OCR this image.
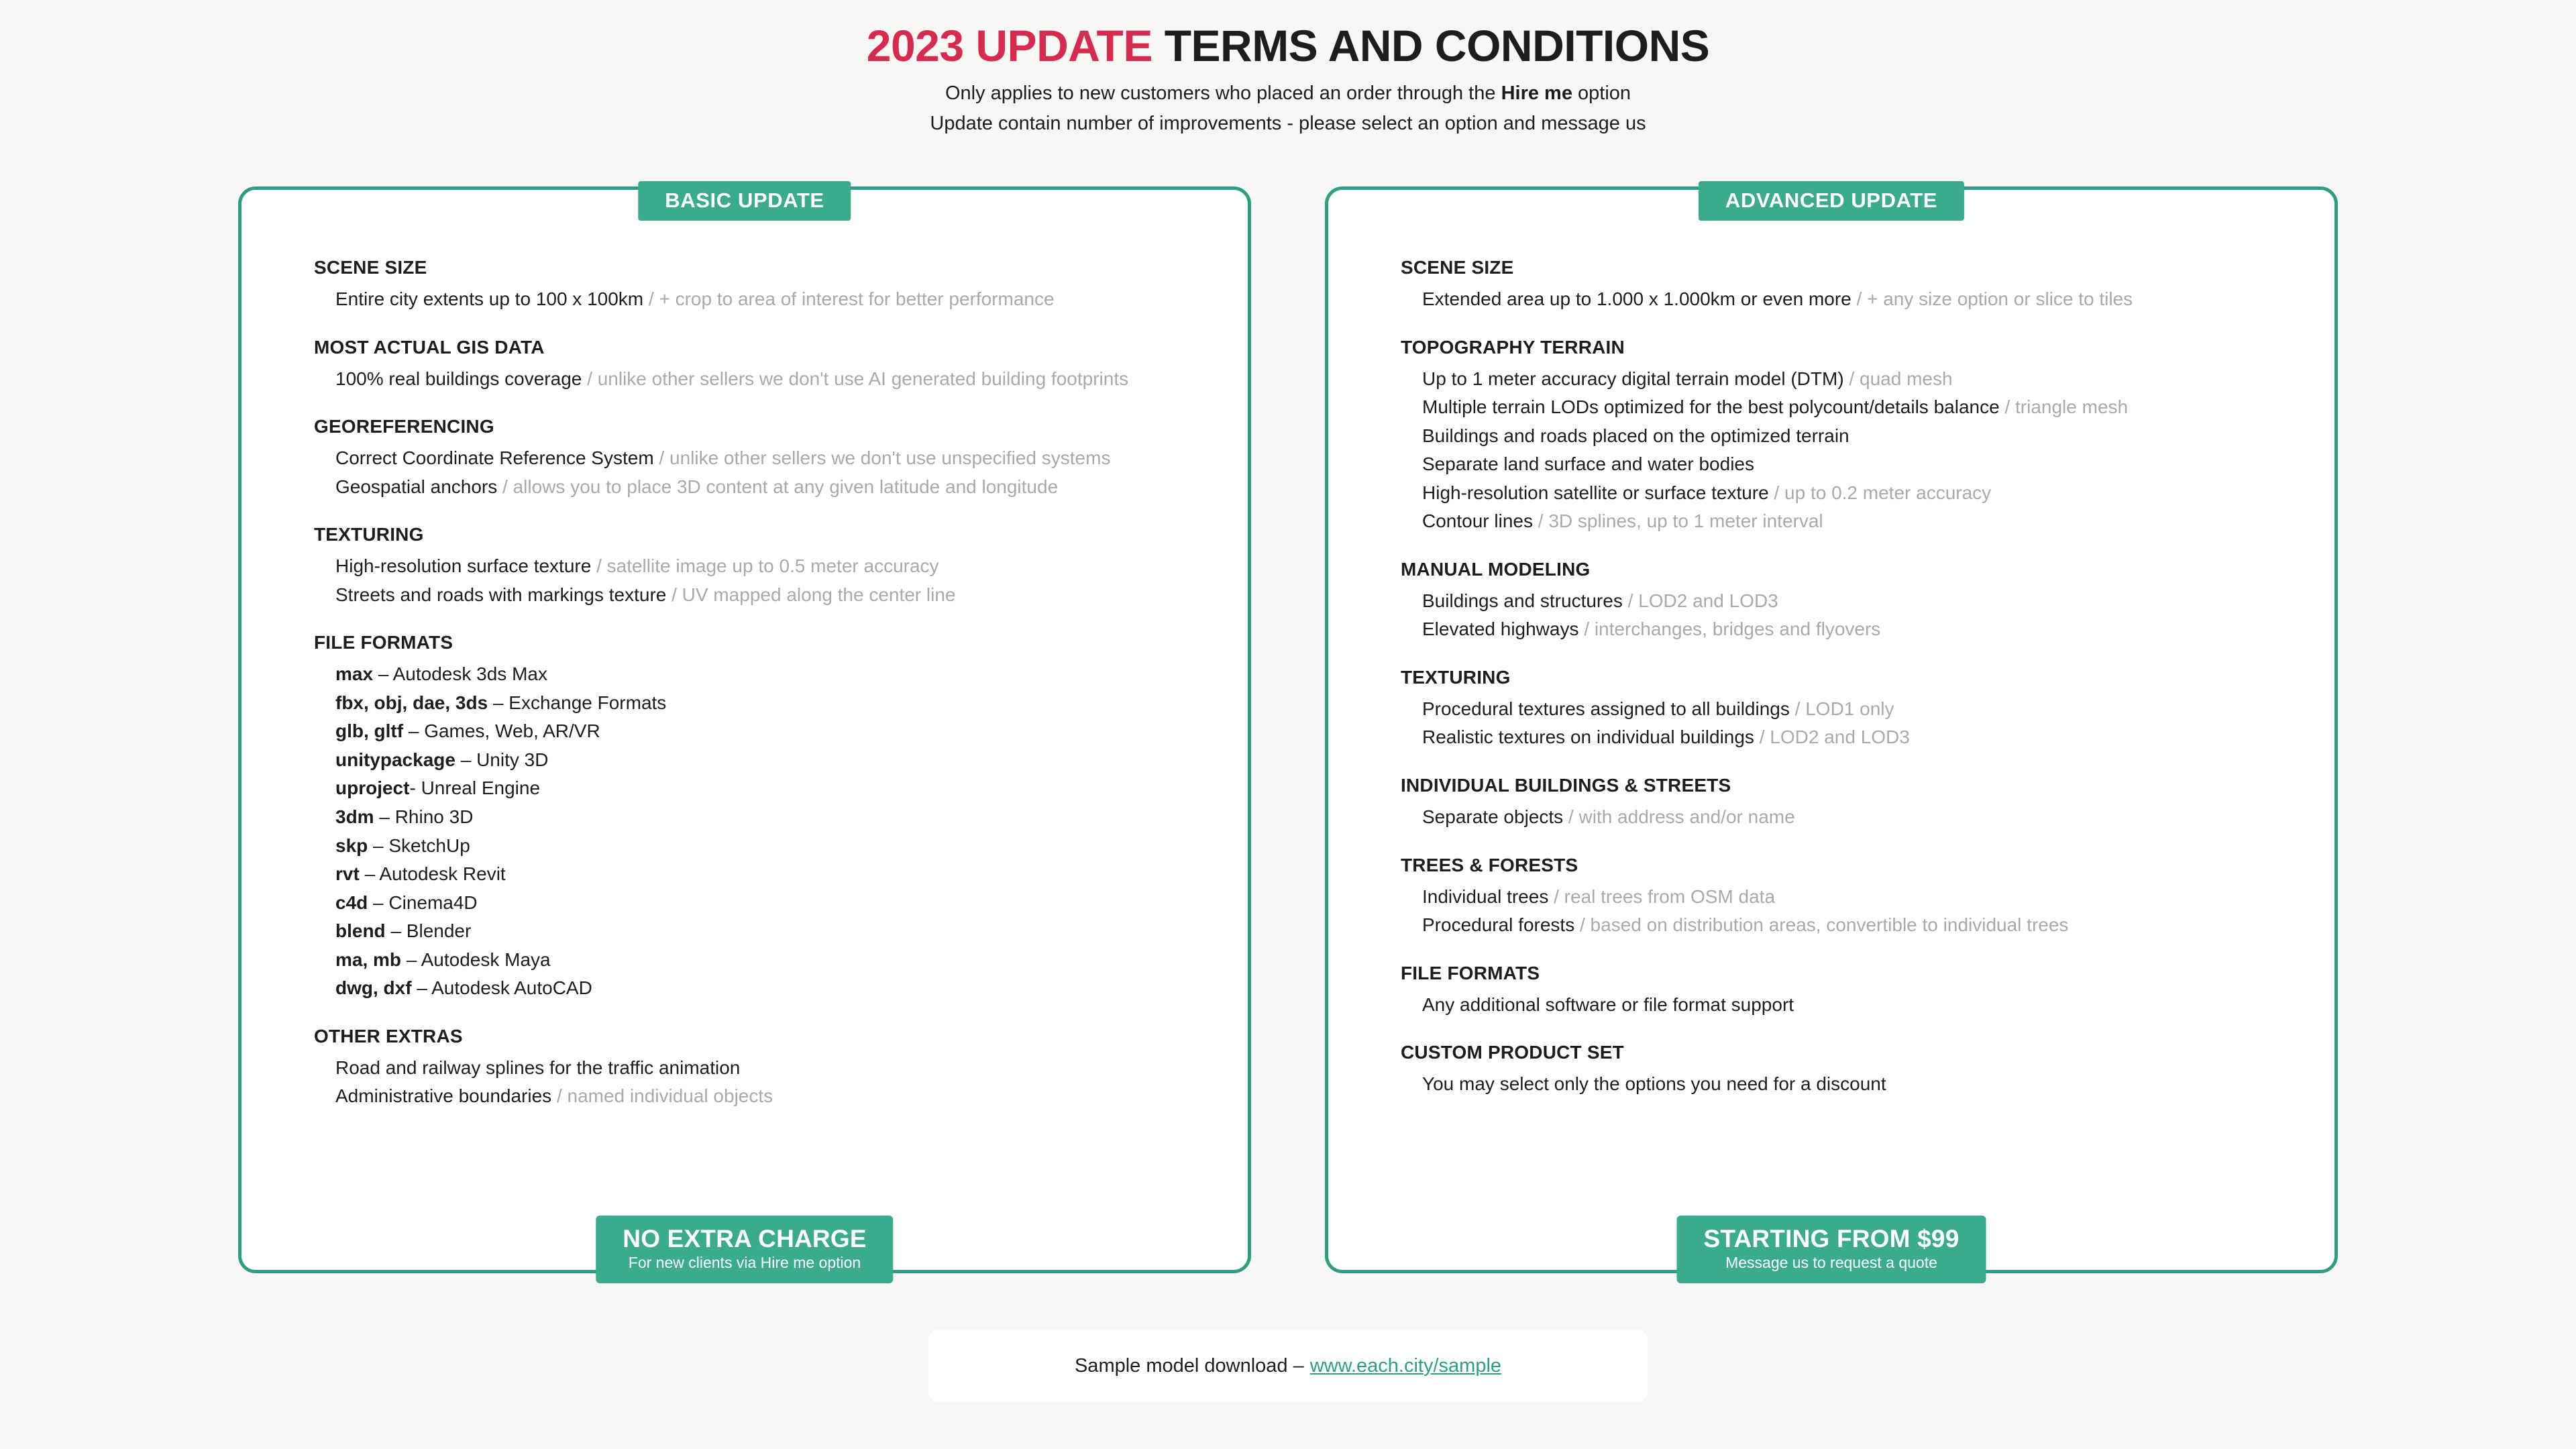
2023 UPDATE TERMS AND CONDITIONS
Only applies to new customers who placed an order through the Hire me option
Update contain number of improvements - please select an option and message us
BASIC UPDATE
SCENE SIZE
Entire city extents up to 100 x 100km / + crop to area of interest for better performance
MOST ACTUAL GIS DATA
100% real buildings coverage / unlike other sellers we don't use AI generated building footprints
GEOREFERENCING
Correct Coordinate Reference System / unlike other sellers we don't use unspecified systems
Geospatial anchors / allows you to place 3D content at any given latitude and longitude
TEXTURING
High-resolution surface texture / satellite image up to 0.5 meter accuracy
Streets and roads with markings texture / UV mapped along the center line
FILE FORMATS
max – Autodesk 3ds Max
fbx, obj, dae, 3ds – Exchange Formats
glb, gltf – Games, Web, AR/VR
unitypackage – Unity 3D
uproject- Unreal Engine
3dm – Rhino 3D
skp – SketchUp
rvt – Autodesk Revit
c4d – Cinema4D
blend – Blender
ma, mb – Autodesk Maya
dwg, dxf – Autodesk AutoCAD
OTHER EXTRAS
Road and railway splines for the traffic animation
Administrative boundaries / named individual objects
NO EXTRA CHARGE
For new clients via Hire me option
ADVANCED UPDATE
SCENE SIZE
Extended area up to 1.000 x 1.000km or even more / + any size option or slice to tiles
TOPOGRAPHY TERRAIN
Up to 1 meter accuracy digital terrain model (DTM) / quad mesh
Multiple terrain LODs optimized for the best polycount/details balance / triangle mesh
Buildings and roads placed on the optimized terrain
Separate land surface and water bodies
High-resolution satellite or surface texture / up to 0.2 meter accuracy
Contour lines / 3D splines, up to 1 meter interval
MANUAL MODELING
Buildings and structures / LOD2 and LOD3
Elevated highways / interchanges, bridges and flyovers
TEXTURING
Procedural textures assigned to all buildings / LOD1 only
Realistic textures on individual buildings / LOD2 and LOD3
INDIVIDUAL BUILDINGS & STREETS
Separate objects / with address and/or name
TREES & FORESTS
Individual trees / real trees from OSM data
Procedural forests / based on distribution areas, convertible to individual trees
FILE FORMATS
Any additional software or file format support
CUSTOM PRODUCT SET
You may select only the options you need for a discount
STARTING FROM $99
Message us to request a quote
Sample model download – www.each.city/sample
